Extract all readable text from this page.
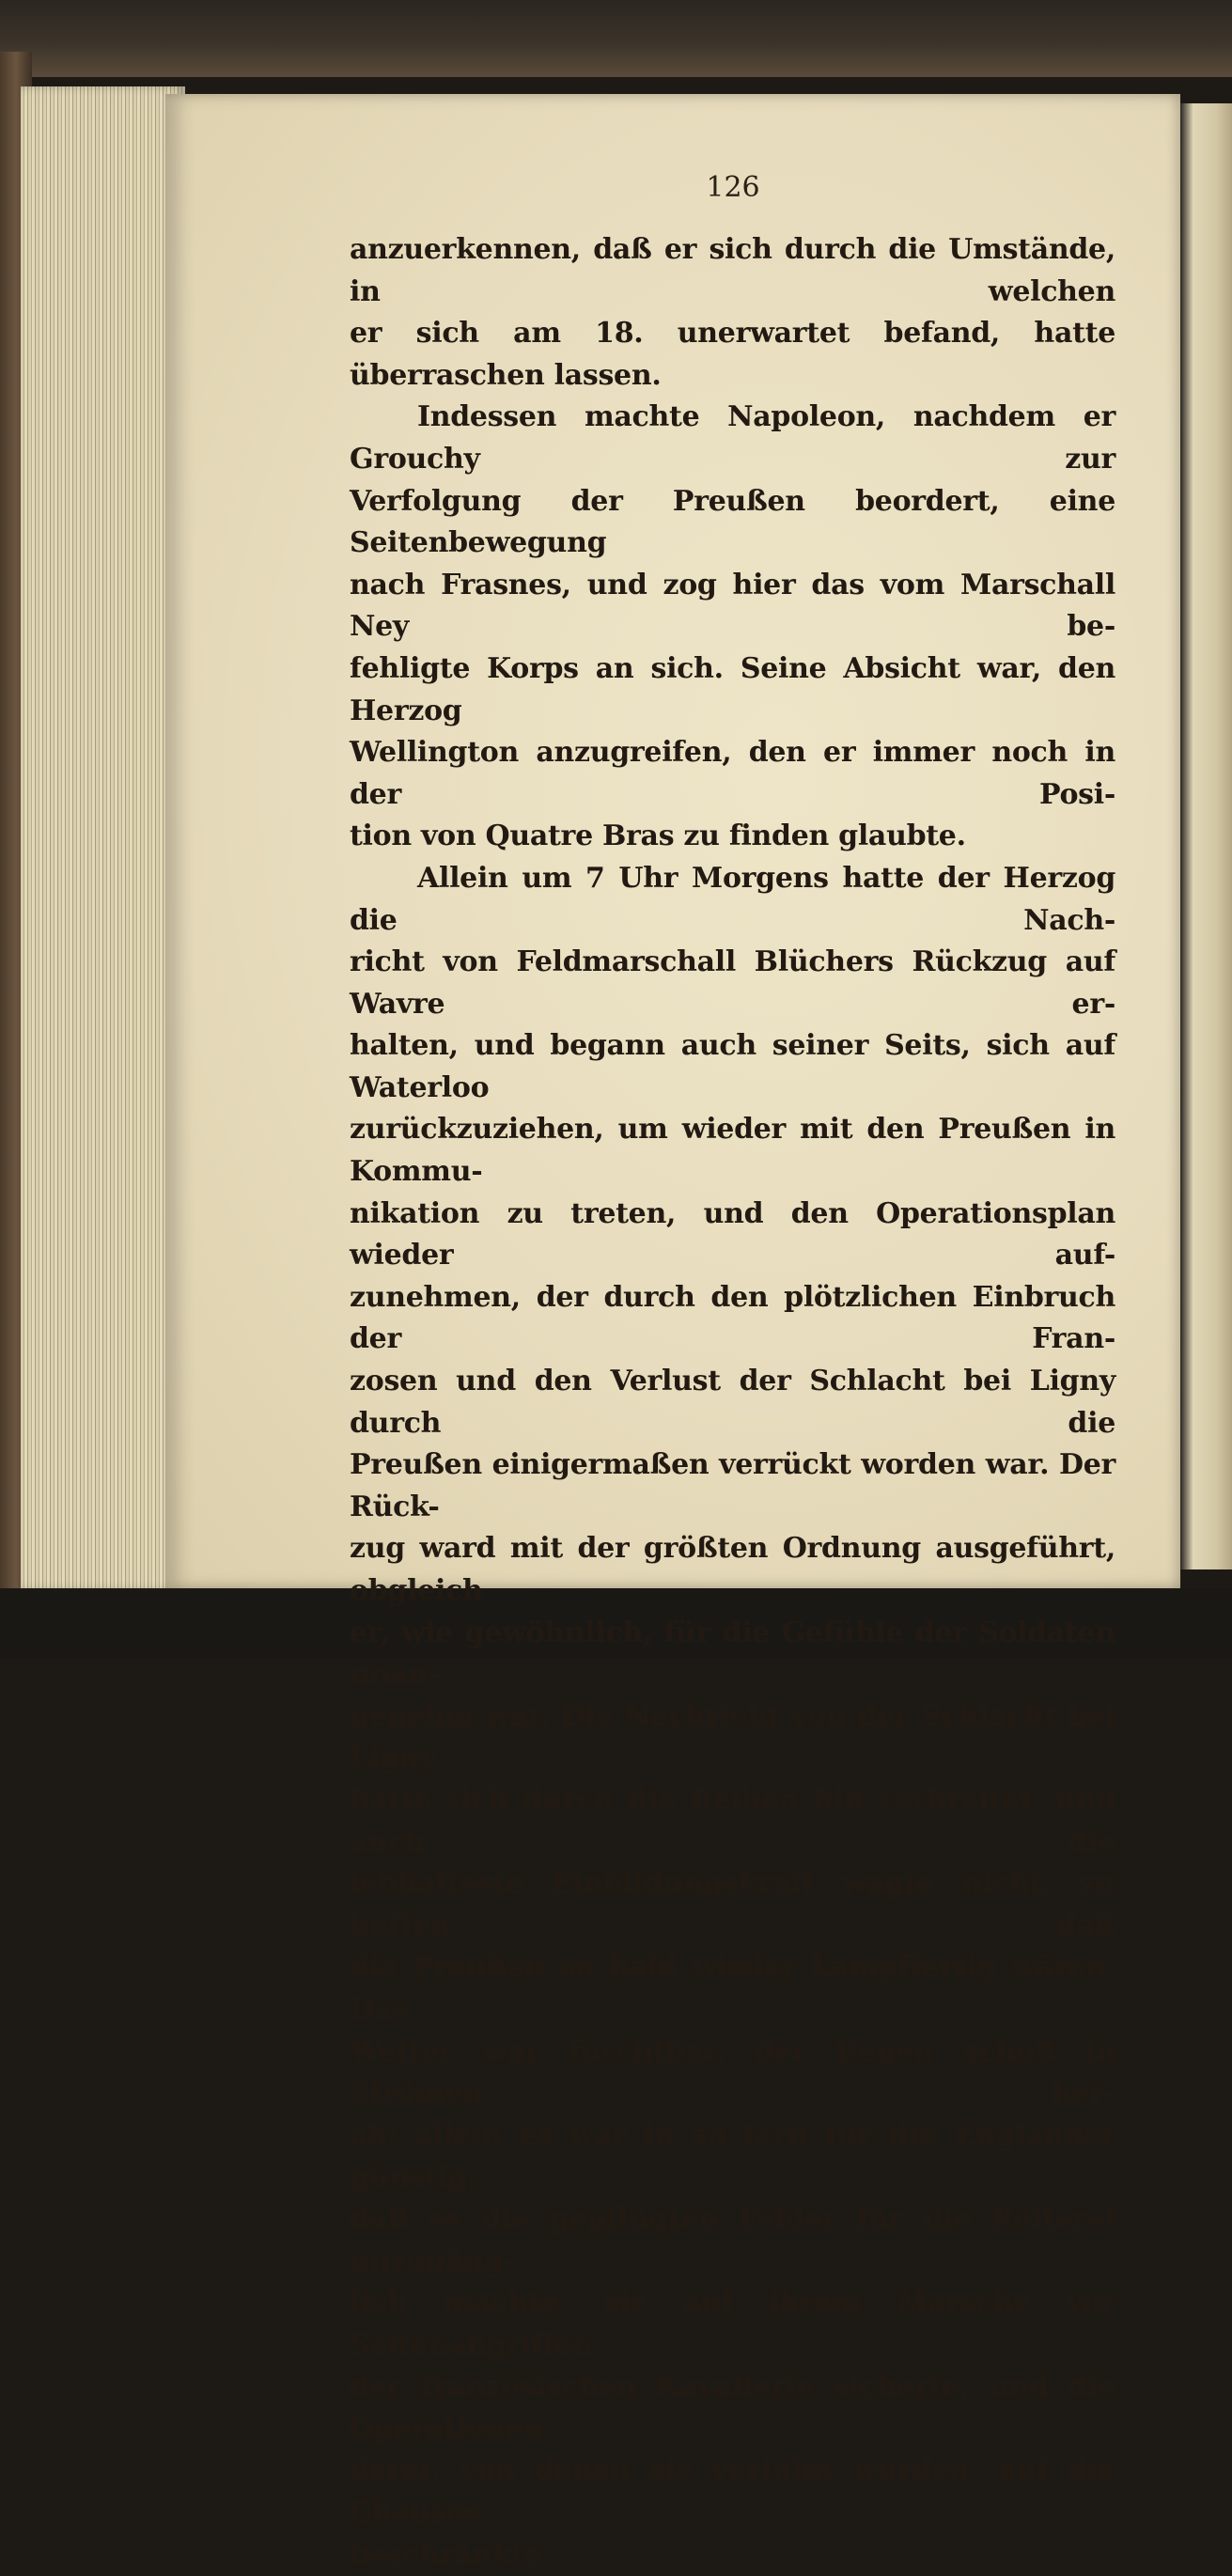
126

anzuerkennen, daß er sich durch die Umstände, in welchen

er sich am 18. unerwartet befand, hatte überraschen lassen.

Indessen machte Napoleon, nachdem er Grouchy zur

Verfolgung der Preußen beordert, eine Seitenbewegung

nach Frasnes, und zog hier das vom Marschall Ney be-

fehligte Korps an sich. Seine Absicht war, den Herzog

Wellington anzugreifen, den er immer noch in der Posi-

tion von Quatre Bras zu finden glaubte.

Allein um 7 Uhr Morgens hatte der Herzog die Nach-

richt von Feldmarschall Blüchers Rückzug auf Wavre er-

halten, und begann auch seiner Seits, sich auf Waterloo

zurückzuziehen, um wieder mit den Preußen in Kommu-

nikation zu treten, und den Operationsplan wieder auf-

zunehmen, der durch den plötzlichen Einbruch der Fran-

zosen und den Verlust der Schlacht bei Ligny durch die

Preußen einigermaßen verrückt worden war. Der Rück-

zug ward mit der größten Ordnung ausgeführt, obgleich

er, wie gewöhnlich, für die Gefühle der Soldaten unan-

genehm war. Die Nachricht von der Schlacht bei Ligny

hatte sich durch die Reihen hin verbreitet, und auch die

lebhafteste Einbildungskraft wagte nicht, zu hoffen, daß

die Preußen so bald wieder kampffertig wären. Das

Wetter war furchtbar, der Regen schoß in Strömen her-

ab; allein es war in so fern für die Engländer günstig,

daß es die gepflügten Felder für die Reiterei unzugäng-

lich machte, sie auf ihrem Marsche vor Seitenangriffen

der französischen Kavallerie sicherte, und die Operationen

derer, von denen sie verfolgt wurden, auf die Chausee

beschränkte.
